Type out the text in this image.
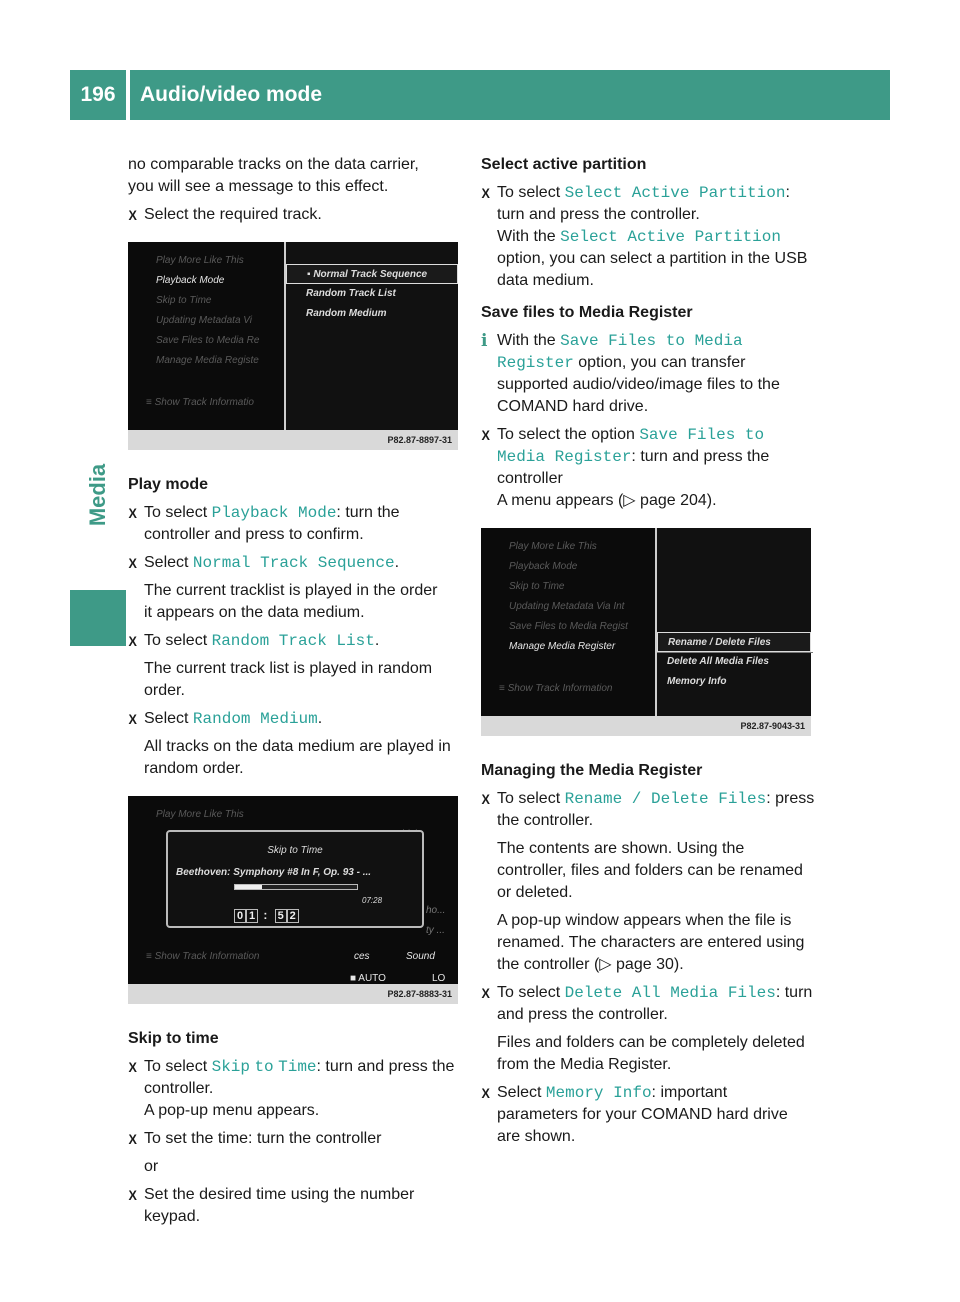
196	Audio/video mode
Media

no comparable tracks on the data carrier,

you will see a message to this effect.

X Select the required track.

Play More Like This
Playback Mode
Skip to Time
Updating Metadata Vi
Save Files to Media Re
Manage Media Registe
≡ Show Track Informatio
▪ Normal Track Sequence
Random Track List
Random Medium
P82.87-8897-31
Play mode

X To select Playback Mode: turn the
controller and press to confirm.

X Select Normal Track Sequence.

The current tracklist is played in the order
it appears on the data medium.

X To select Random Track List.

The current track list is played in random
order.

X Select Random Medium.

All tracks on the data medium are played in
random order.

Play More Like This
ho...
ty ...
≡ Show Track Information	ces	Sound
■ AUTO	LO
Skip to Time
Beethoven: Symphony #8 In F, Op. 93 - ...
07:28
0 1 : 5 2
P82.87-8883-31
Skip to time

X To select Skip to Time: turn and press the
controller.
A pop-up menu appears.

X To set the time: turn the controller

or

X Set the desired time using the number
keypad.

Select active partition

X To select Select Active Partition:
turn and press the controller.
With the Select Active Partition
option, you can select a partition in the USB
data medium.

Save files to Media Register

i With the Save Files to Media
Register option, you can transfer
supported audio/video/image files to the
COMAND hard drive.

X To select the option Save Files to
Media Register: turn and press the
controller
A menu appears (▷ page 204).

Play More Like This
Playback Mode
Skip to Time
Updating Metadata Via Int
Save Files to Media Regist
Manage Media Register
≡ Show Track Information
Rename / Delete Files
Delete All Media Files
Memory Info
P82.87-9043-31
Managing the Media Register

X To select Rename / Delete Files: press
the controller.

The contents are shown. Using the
controller, files and folders can be renamed
or deleted.

A pop-up window appears when the file is
renamed. The characters are entered using
the controller (▷ page 30).

X To select Delete All Media Files: turn
and press the controller.

Files and folders can be completely deleted
from the Media Register.

X Select Memory Info: important
parameters for your COMAND hard drive
are shown.
